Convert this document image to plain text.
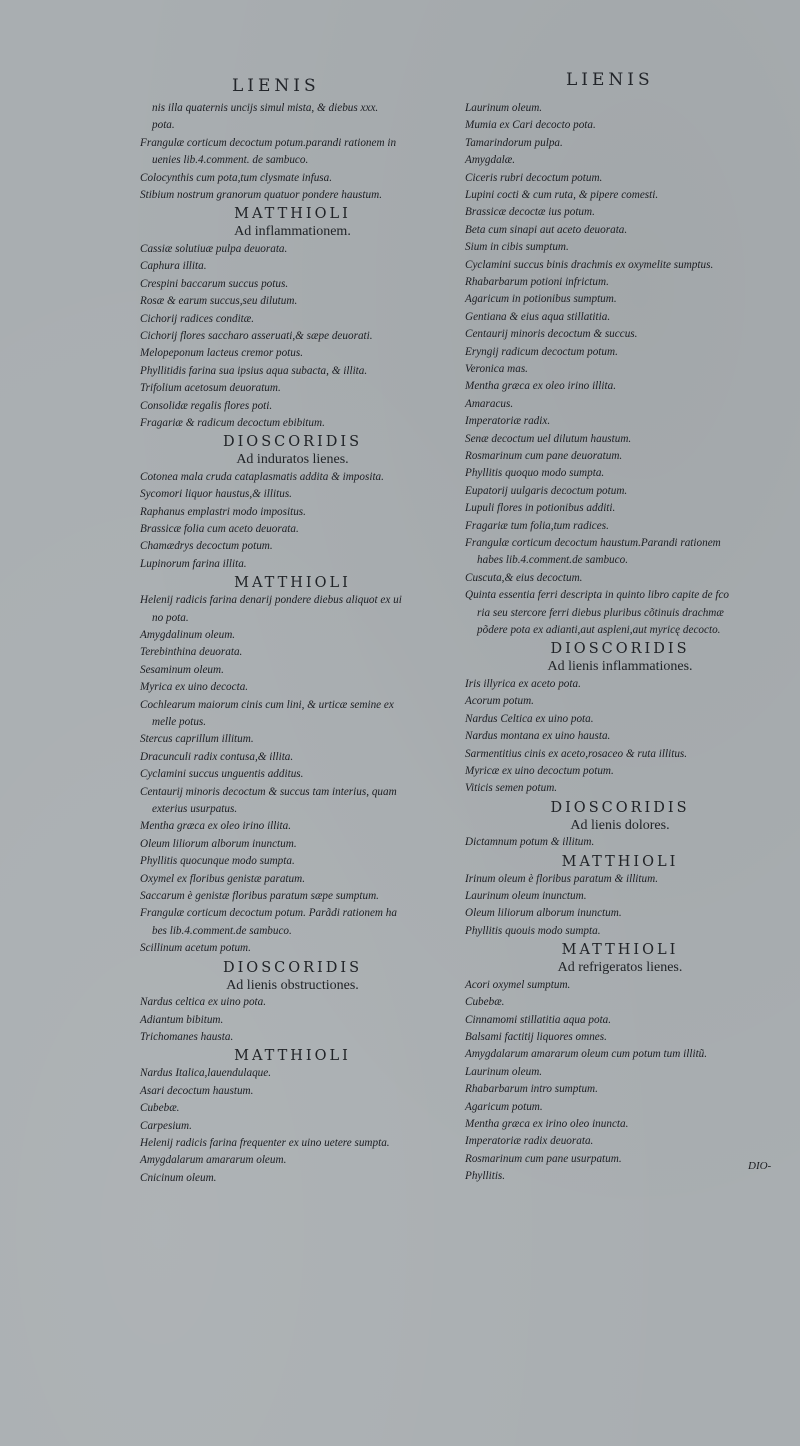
LIENIS	LIENIS
nis illa quaternis uncijs simul mista, & diebus xxx.
pota.
Frangulæ corticum decoctum potum.parandi rationem in
uenies lib.4.comment. de sambuco.
Colocynthis cum pota,tum clysmate infusa.
Stibium nostrum granorum quatuor pondere haustum.
MATTHIOLI
Ad inflammationem.
Cassiæ solutiuæ pulpa deuorata.
Caphura illita.
Crespini baccarum succus potus.
Rosæ & earum succus,seu dilutum.
Cichorij radices conditæ.
Cichorij flores saccharo asseruati,& sæpe deuorati.
Melopeponum lacteus cremor potus.
Phyllitidis farina sua ipsius aqua subacta, & illita.
Trifolium acetosum deuoratum.
Consolidæ regalis flores poti.
Fragariæ & radicum decoctum ebibitum.
DIOSCORIDIS
Ad induratos lienes.
Cotonea mala cruda cataplasmatis addita & imposita.
Sycomori liquor haustus,& illitus.
Raphanus emplastri modo impositus.
Brassicæ folia cum aceto deuorata.
Chamædrys decoctum potum.
Lupinorum farina illita.
MATTHIOLI
Helenij radicis farina denarij pondere diebus aliquot ex ui
no pota.
Amygdalinum oleum.
Terebinthina deuorata.
Sesaminum oleum.
Myrica ex uino decocta.
Cochlearum maiorum cinis cum lini, & urticæ semine ex
melle potus.
Stercus caprillum illitum.
Dracunculi radix contusa,& illita.
Cyclamini succus unguentis additus.
Centaurij minoris decoctum & succus tam interius, quam
exterius usurpatus.
Mentha græca ex oleo irino illita.
Oleum liliorum alborum inunctum.
Phyllitis quocunque modo sumpta.
Oxymel ex floribus genistæ paratum.
Saccarum è genistæ floribus paratum sæpe sumptum.
Frangulæ corticum decoctum potum. Parãdi rationem ha
bes lib.4.comment.de sambuco.
Scillinum acetum potum.
DIOSCORIDIS
Ad lienis obstructiones.
Nardus celtica ex uino pota.
Adiantum bibitum.
Trichomanes hausta.
MATTHIOLI
Nardus Italica,lauendulaque.
Asari decoctum haustum.
Cubebæ.
Carpesium.
Helenij radicis farina frequenter ex uino uetere sumpta.
Amygdalarum amararum oleum.
Cnicinum oleum.
Laurinum oleum.
Mumia ex Cari decocto pota.
Tamarindorum pulpa.
Amygdalæ.
Ciceris rubri decoctum potum.
Lupini cocti & cum ruta, & pipere comesti.
Brassicæ decoctæ ius potum.
Beta cum sinapi aut aceto deuorata.
Sium in cibis sumptum.
Cyclamini succus binis drachmis ex oxymelite sumptus.
Rhabarbarum potioni infrictum.
Agaricum in potionibus sumptum.
Gentiana & eius aqua stillatitia.
Centaurij minoris decoctum & succus.
Eryngij radicum decoctum potum.
Veronica mas.
Mentha græca ex oleo irino illita.
Amaracus.
Imperatoriæ radix.
Senæ decoctum uel dilutum haustum.
Rosmarinum cum pane deuoratum.
Phyllitis quoquo modo sumpta.
Eupatorij uulgaris decoctum potum.
Lupuli flores in potionibus additi.
Fragariæ tum folia,tum radices.
Frangulæ corticum decoctum haustum.Parandi rationem
habes lib.4.comment.de sambuco.
Cuscuta,& eius decoctum.
Quinta essentia ferri descripta in quinto libro capite de fco
ria seu stercore ferri diebus pluribus cõtinuis drachmæ
põdere pota ex adianti,aut aspleni,aut myricę decocto.
DIOSCORIDIS
Ad lienis inflammationes.
Iris illyrica ex aceto pota.
Acorum potum.
Nardus Celtica ex uino pota.
Nardus montana ex uino hausta.
Sarmentitius cinis ex aceto,rosaceo & ruta illitus.
Myricæ ex uino decoctum potum.
Viticis semen potum.
DIOSCORIDIS
Ad lienis dolores.
Dictamnum potum & illitum.
MATTHIOLI
Irinum oleum è floribus paratum & illitum.
Laurinum oleum inunctum.
Oleum liliorum alborum inunctum.
Phyllitis quouis modo sumpta.
MATTHIOLI
Ad refrigeratos lienes.
Acori oxymel sumptum.
Cubebæ.
Cinnamomi stillatitia aqua pota.
Balsami factitij liquores omnes.
Amygdalarum amararum oleum cum potum tum illitũ.
Laurinum oleum.
Rhabarbarum intro sumptum.
Agaricum potum.
Mentha græca ex irino oleo inuncta.
Imperatoriæ radix deuorata.
Rosmarinum cum pane usurpatum.
Phyllitis.
DIO-
